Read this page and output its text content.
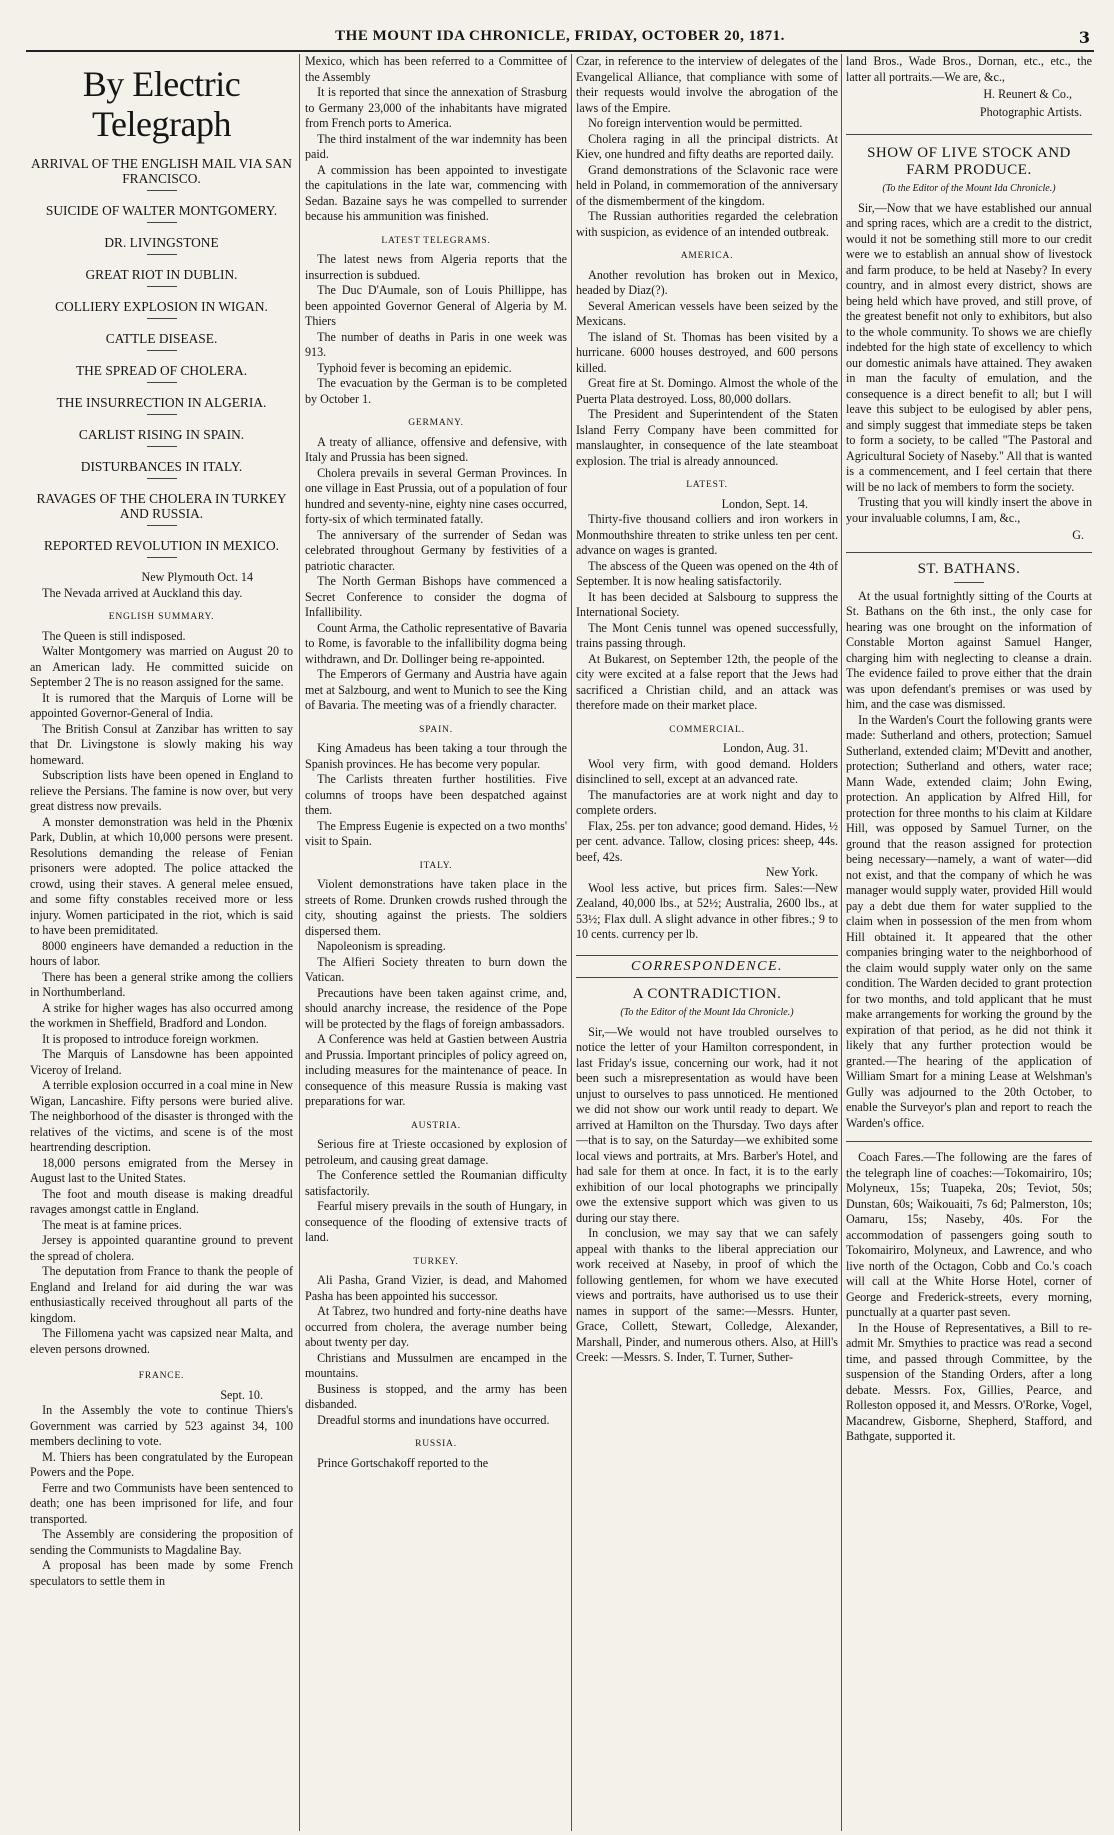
THE MOUNT IDA CHRONICLE, FRIDAY, OCTOBER 20, 1871.	3
By Electric Telegraph
ARRIVAL OF THE ENGLISH MAIL VIA SAN FRANCISCO.
SUICIDE OF WALTER MONTGOMERY.
DR. LIVINGSTONE
GREAT RIOT IN DUBLIN.
COLLIERY EXPLOSION IN WIGAN.
CATTLE DISEASE.
THE SPREAD OF CHOLERA.
THE INSURRECTION IN ALGERIA.
CARLIST RISING IN SPAIN.
DISTURBANCES IN ITALY.
RAVAGES OF THE CHOLERA IN TURKEY AND RUSSIA.
REPORTED REVOLUTION IN MEXICO.

New Plymouth Oct. 14

The Nevada arrived at Auckland this day.

ENGLISH SUMMARY.

The Queen is still indisposed.

Walter Montgomery was married on August 20 to an American lady. He committed suicide on September 2 The is no reason assigned for the same.

It is rumored that the Marquis of Lorne will be appointed Governor-General of India.

The British Consul at Zanzibar has written to say that Dr. Livingstone is slowly making his way homeward.

Subscription lists have been opened in England to relieve the Persians. The famine is now over, but very great distress now prevails.

A monster demonstration was held in the Phœnix Park, Dublin, at which 10,000 persons were present. Resolutions demanding the release of Fenian prisoners were adopted. The police attacked the crowd, using their staves. A general melee ensued, and some fifty constables received more or less injury. Women participated in the riot, which is said to have been premiditated.

8000 engineers have demanded a reduction in the hours of labor.

There has been a general strike among the colliers in Northumberland.

A strike for higher wages has also occurred among the workmen in Sheffield, Bradford and London.

It is proposed to introduce foreign workmen.

The Marquis of Lansdowne has been appointed Viceroy of Ireland.

A terrible explosion occurred in a coal mine in New Wigan, Lancashire. Fifty persons were buried alive. The neighborhood of the disaster is thronged with the relatives of the victims, and scene is of the most heartrending description.

18,000 persons emigrated from the Mersey in August last to the United States.

The foot and mouth disease is making dreadful ravages amongst cattle in England.

The meat is at famine prices.

Jersey is appointed quarantine ground to prevent the spread of cholera.

The deputation from France to thank the people of England and Ireland for aid during the war was enthusiastically received throughout all parts of the kingdom.

The Fillomena yacht was capsized near Malta, and eleven persons drowned.

FRANCE.

Sept. 10.

In the Assembly the vote to continue Thiers's Government was carried by 523 against 34, 100 members declining to vote.

M. Thiers has been congratulated by the European Powers and the Pope.

Ferre and two Communists have been sentenced to death; one has been imprisoned for life, and four transported.

The Assembly are considering the proposition of sending the Communists to Magdaline Bay.

A proposal has been made by some French speculators to settle them in

Mexico, which has been referred to a Committee of the Assembly

It is reported that since the annexation of Strasburg to Germany 23,000 of the inhabitants have migrated from French ports to America.

The third instalment of the war indemnity has been paid.

A commission has been appointed to investigate the capitulations in the late war, commencing with Sedan. Bazaine says he was compelled to surrender because his ammunition was finished.

LATEST TELEGRAMS.

The latest news from Algeria reports that the insurrection is subdued.

The Duc D'Aumale, son of Louis Phillippe, has been appointed Governor General of Algeria by M. Thiers

The number of deaths in Paris in one week was 913.

Typhoid fever is becoming an epidemic.

The evacuation by the German is to be completed by October 1.

GERMANY.

A treaty of alliance, offensive and defensive, with Italy and Prussia has been signed.

Cholera prevails in several German Provinces. In one village in East Prussia, out of a population of four hundred and seventy-nine, eighty nine cases occurred, forty-six of which terminated fatally.

The anniversary of the surrender of Sedan was celebrated throughout Germany by festivities of a patriotic character.

The North German Bishops have commenced a Secret Conference to consider the dogma of Infallibility.

Count Arma, the Catholic representative of Bavaria to Rome, is favorable to the infallibility dogma being withdrawn, and Dr. Dollinger being re-appointed.

The Emperors of Germany and Austria have again met at Salzbourg, and went to Munich to see the King of Bavaria. The meeting was of a friendly character.

SPAIN.

King Amadeus has been taking a tour through the Spanish provinces. He has become very popular.

The Carlists threaten further hostilities. Five columns of troops have been despatched against them.

The Empress Eugenie is expected on a two months' visit to Spain.

ITALY.

Violent demonstrations have taken place in the streets of Rome. Drunken crowds rushed through the city, shouting against the priests. The soldiers dispersed them.

Napoleonism is spreading.

The Alfieri Society threaten to burn down the Vatican.

Precautions have been taken against crime, and, should anarchy increase, the residence of the Pope will be protected by the flags of foreign ambassadors.

A Conference was held at Gastien between Austria and Prussia. Important principles of policy agreed on, including measures for the maintenance of peace. In consequence of this measure Russia is making vast preparations for war.

AUSTRIA.

Serious fire at Trieste occasioned by explosion of petroleum, and causing great damage.

The Conference settled the Roumanian difficulty satisfactorily.

Fearful misery prevails in the south of Hungary, in consequence of the flooding of extensive tracts of land.

TURKEY.

Ali Pasha, Grand Vizier, is dead, and Mahomed Pasha has been appointed his successor.

At Tabrez, two hundred and forty-nine deaths have occurred from cholera, the average number being about twenty per day.

Christians and Mussulmen are encamped in the mountains.

Business is stopped, and the army has been disbanded.

Dreadful storms and inundations have occurred.

RUSSIA.

Prince Gortschakoff reported to the

Czar, in reference to the interview of delegates of the Evangelical Alliance, that compliance with some of their requests would involve the abrogation of the laws of the Empire.

No foreign intervention would be permitted.

Cholera raging in all the principal districts. At Kiev, one hundred and fifty deaths are reported daily.

Grand demonstrations of the Sclavonic race were held in Poland, in commemoration of the anniversary of the dismemberment of the kingdom.

The Russian authorities regarded the celebration with suspicion, as evidence of an intended outbreak.

AMERICA.

Another revolution has broken out in Mexico, headed by Diaz(?).

Several American vessels have been seized by the Mexicans.

The island of St. Thomas has been visited by a hurricane. 6000 houses destroyed, and 600 persons killed.

Great fire at St. Domingo. Almost the whole of the Puerta Plata destroyed. Loss, 80,000 dollars.

The President and Superintendent of the Staten Island Ferry Company have been committed for manslaughter, in consequence of the late steamboat explosion. The trial is already announced.

LATEST.

London, Sept. 14.

Thirty-five thousand colliers and iron workers in Monmouthshire threaten to strike unless ten per cent. advance on wages is granted.

The abscess of the Queen was opened on the 4th of September. It is now healing satisfactorily.

It has been decided at Salsbourg to suppress the International Society.

The Mont Cenis tunnel was opened successfully, trains passing through.

At Bukarest, on September 12th, the people of the city were excited at a false report that the Jews had sacrificed a Christian child, and an attack was therefore made on their market place.

COMMERCIAL.

London, Aug. 31.

Wool very firm, with good demand. Holders disinclined to sell, except at an advanced rate.

The manufactories are at work night and day to complete orders.

Flax, 25s. per ton advance; good demand. Hides, ½ per cent. advance. Tallow, closing prices: sheep, 44s. beef, 42s.

New York.

Wool less active, but prices firm. Sales:—New Zealand, 40,000 lbs., at 52½; Australia, 2600 lbs., at 53½; Flax dull. A slight advance in other fibres.; 9 to 10 cents. currency per lb.

CORRESPONDENCE.
A CONTRADICTION.
(To the Editor of the Mount Ida Chronicle.)

Sir,—We would not have troubled ourselves to notice the letter of your Hamilton correspondent, in last Friday's issue, concerning our work, had it not been such a misrepresentation as would have been unjust to ourselves to pass unnoticed. He mentioned we did not show our work until ready to depart. We arrived at Hamilton on the Thursday. Two days after—that is to say, on the Saturday—we exhibited some local views and portraits, at Mrs. Barber's Hotel, and had sale for them at once. In fact, it is to the early exhibition of our local photographs we principally owe the extensive support which was given to us during our stay there.

In conclusion, we may say that we can safely appeal with thanks to the liberal appreciation our work received at Naseby, in proof of which the following gentlemen, for whom we have executed views and portraits, have authorised us to use their names in support of the same:—Messrs. Hunter, Grace, Collett, Stewart, Colledge, Alexander, Marshall, Pinder, and numerous others. Also, at Hill's Creek: —Messrs. S. Inder, T. Turner, Suther-

land Bros., Wade Bros., Dornan, etc., etc., the latter all portraits.—We are, &c.,

H. Reunert & Co.,

Photographic Artists.

SHOW OF LIVE STOCK AND FARM PRODUCE.
(To the Editor of the Mount Ida Chronicle.)

Sir,—Now that we have established our annual and spring races, which are a credit to the district, would it not be something still more to our credit were we to establish an annual show of livestock and farm produce, to be held at Naseby? In every country, and in almost every district, shows are being held which have proved, and still prove, of the greatest benefit not only to exhibitors, but also to the whole community. To shows we are chiefly indebted for the high state of excellency to which our domestic animals have attained. They awaken in man the faculty of emulation, and the consequence is a direct benefit to all; but I will leave this subject to be eulogised by abler pens, and simply suggest that immediate steps be taken to form a society, to be called "The Pastoral and Agricultural Society of Naseby." All that is wanted is a commencement, and I feel certain that there will be no lack of members to form the society.

Trusting that you will kindly insert the above in your invaluable columns, I am, &c.,

G.

ST. BATHANS.

At the usual fortnightly sitting of the Courts at St. Bathans on the 6th inst., the only case for hearing was one brought on the information of Constable Morton against Samuel Hanger, charging him with neglecting to cleanse a drain. The evidence failed to prove either that the drain was upon defendant's premises or was used by him, and the case was dismissed.

In the Warden's Court the following grants were made: Sutherland and others, protection; Samuel Sutherland, extended claim; M'Devitt and another, protection; Sutherland and others, water race; Mann Wade, extended claim; John Ewing, protection. An application by Alfred Hill, for protection for three months to his claim at Kildare Hill, was opposed by Samuel Turner, on the ground that the reason assigned for protection being necessary—namely, a want of water—did not exist, and that the company of which he was manager would supply water, provided Hill would pay a debt due them for water supplied to the claim when in possession of the men from whom Hill obtained it. It appeared that the other companies bringing water to the neighborhood of the claim would supply water only on the same condition. The Warden decided to grant protection for two months, and told applicant that he must make arrangements for working the ground by the expiration of that period, as he did not think it likely that any further protection would be granted.—The hearing of the application of William Smart for a mining Lease at Welshman's Gully was adjourned to the 20th October, to enable the Surveyor's plan and report to reach the Warden's office.

Coach Fares.—The following are the fares of the telegraph line of coaches:—Tokomairiro, 10s; Molyneux, 15s; Tuapeka, 20s; Teviot, 50s; Dunstan, 60s; Waikouaiti, 7s 6d; Palmerston, 10s; Oamaru, 15s; Naseby, 40s. For the accommodation of passengers going south to Tokomairiro, Molyneux, and Lawrence, and who live north of the Octagon, Cobb and Co.'s coach will call at the White Horse Hotel, corner of George and Frederick-streets, every morning, punctually at a quarter past seven.

In the House of Representatives, a Bill to re-admit Mr. Smythies to practice was read a second time, and passed through Committee, by the suspension of the Standing Orders, after a long debate. Messrs. Fox, Gillies, Pearce, and Rolleston opposed it, and Messrs. O'Rorke, Vogel, Macandrew, Gisborne, Shepherd, Stafford, and Bathgate, supported it.
